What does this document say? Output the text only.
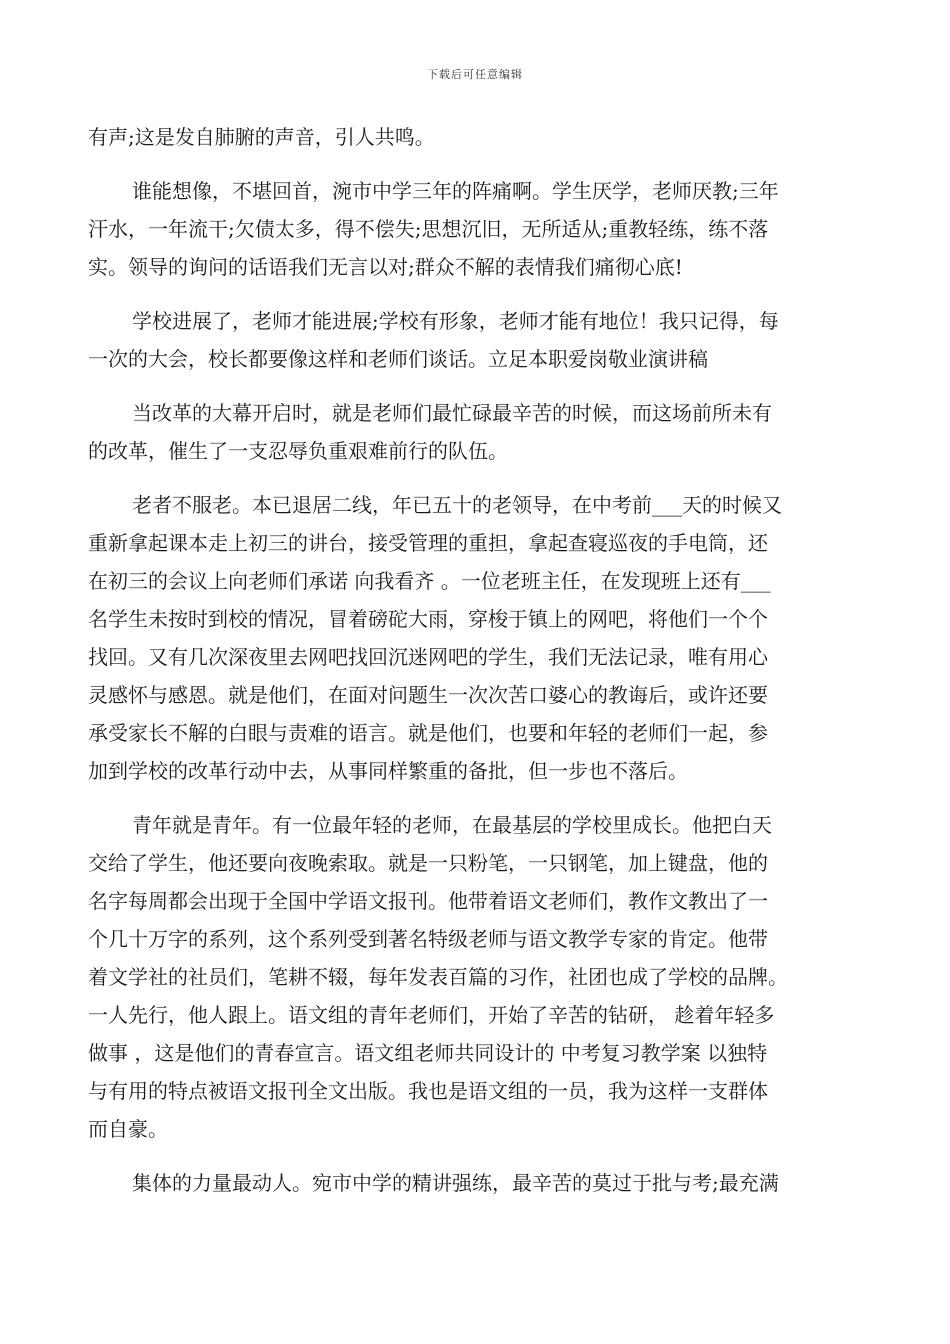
下载后可任意编辑

有声;这是发自肺腑的声音，引人共鸣。

谁能想像，不堪回首，涴市中学三年的阵痛啊。学生厌学，老师厌教;三年
汗水，一年流干;欠债太多，得不偿失;思想沉旧，无所适从;重教轻练，练不落
实。领导的询问的话语我们无言以对;群众不解的表情我们痛彻心底!

学校进展了，老师才能进展;学校有形象，老师才能有地位！我只记得，每
一次的大会，校长都要像这样和老师们谈话。立足本职爱岗敬业演讲稿

当改革的大幕开启时，就是老师们最忙碌最辛苦的时候，而这场前所未有
的改革，催生了一支忍辱负重艰难前行的队伍。

老者不服老。本已退居二线，年已五十的老领导，在中考前___天的时候又
重新拿起课本走上初三的讲台，接受管理的重担，拿起查寝巡夜的手电筒，还
在初三的会议上向老师们承诺 向我看齐 。一位老班主任，在发现班上还有___
名学生未按时到校的情况，冒着磅砣大雨，穿梭于镇上的网吧，将他们一个个
找回。又有几次深夜里去网吧找回沉迷网吧的学生，我们无法记录，唯有用心
灵感怀与感恩。就是他们，在面对问题生一次次苦口婆心的教诲后，或许还要
承受家长不解的白眼与责难的语言。就是他们，也要和年轻的老师们一起，参
加到学校的改革行动中去，从事同样繁重的备批，但一步也不落后。

青年就是青年。有一位最年轻的老师，在最基层的学校里成长。他把白天
交给了学生，他还要向夜晚索取。就是一只粉笔，一只钢笔，加上键盘，他的
名字每周都会出现于全国中学语文报刊。他带着语文老师们，教作文教出了一
个几十万字的系列，这个系列受到著名特级老师与语文教学专家的肯定。他带
着文学社的社员们，笔耕不辍，每年发表百篇的习作，社团也成了学校的品牌。
一人先行，他人跟上。语文组的青年老师们，开始了辛苦的钻研， 趁着年轻多
做事 ，这是他们的青春宣言。语文组老师共同设计的 中考复习教学案 以独特
与有用的特点被语文报刊全文出版。我也是语文组的一员，我为这样一支群体
而自豪。

集体的力量最动人。宛市中学的精讲强练，最辛苦的莫过于批与考;最充满
